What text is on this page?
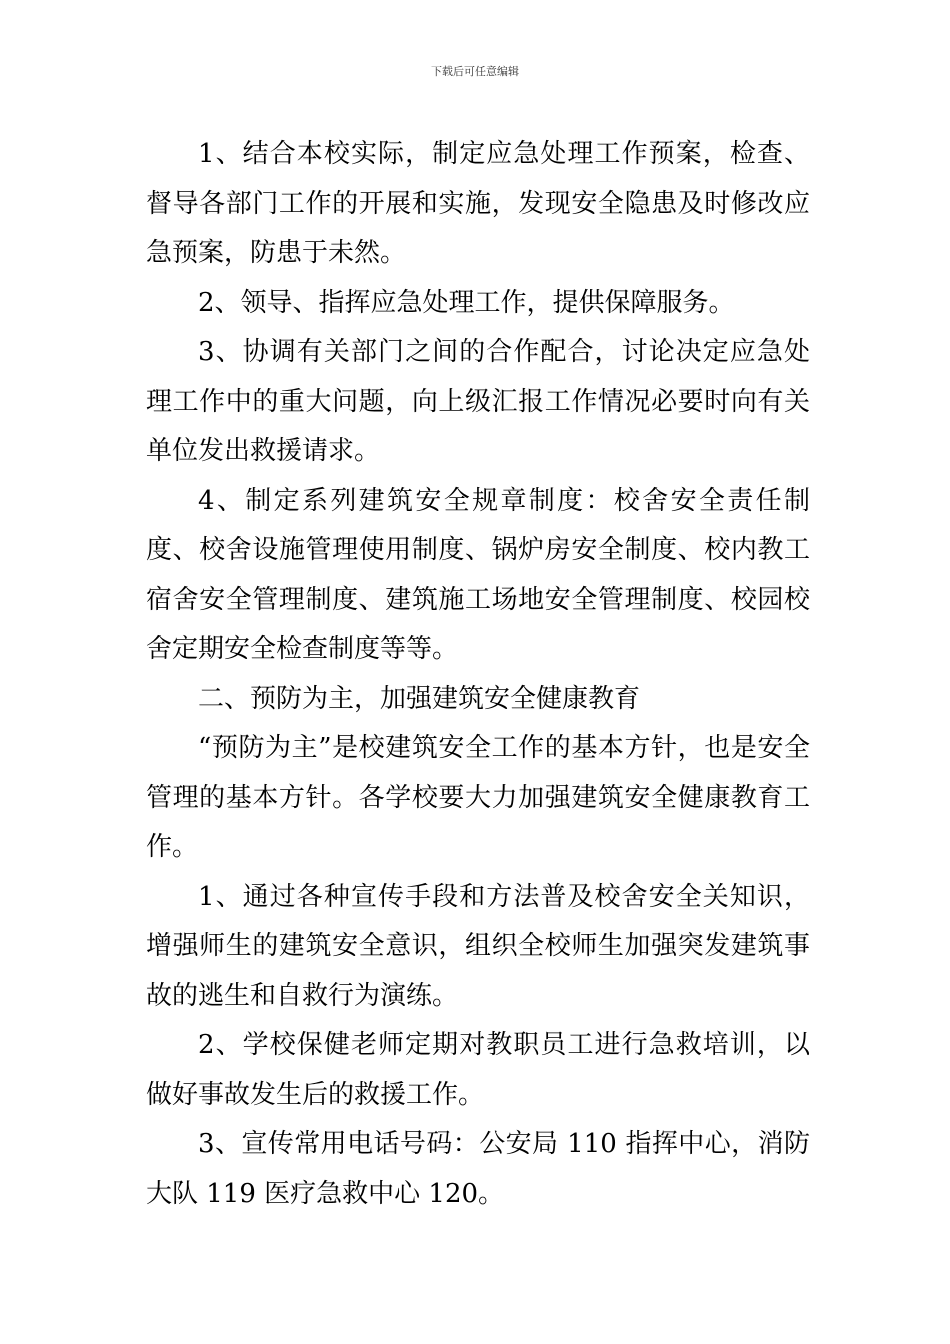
下载后可任意编辑

1、结合本校实际，制定应急处理工作预案，检查、督导各部门工作的开展和实施，发现安全隐患及时修改应急预案，防患于未然。

2、领导、指挥应急处理工作，提供保障服务。

3、协调有关部门之间的合作配合，讨论决定应急处理工作中的重大问题，向上级汇报工作情况必要时向有关单位发出救援请求。

4、制定系列建筑安全规章制度：校舍安全责任制度、校舍设施管理使用制度、锅炉房安全制度、校内教工宿舍安全管理制度、建筑施工场地安全管理制度、校园校舍定期安全检查制度等等。

二、预防为主，加强建筑安全健康教育

“预防为主”是校建筑安全工作的基本方针，也是安全管理的基本方针。各学校要大力加强建筑安全健康教育工作。

1、通过各种宣传手段和方法普及校舍安全关知识，增强师生的建筑安全意识，组织全校师生加强突发建筑事故的逃生和自救行为演练。

2、学校保健老师定期对教职员工进行急救培训，以做好事故发生后的救援工作。

3、宣传常用电话号码：公安局 110 指挥中心，消防大队 119 医疗急救中心 120。
